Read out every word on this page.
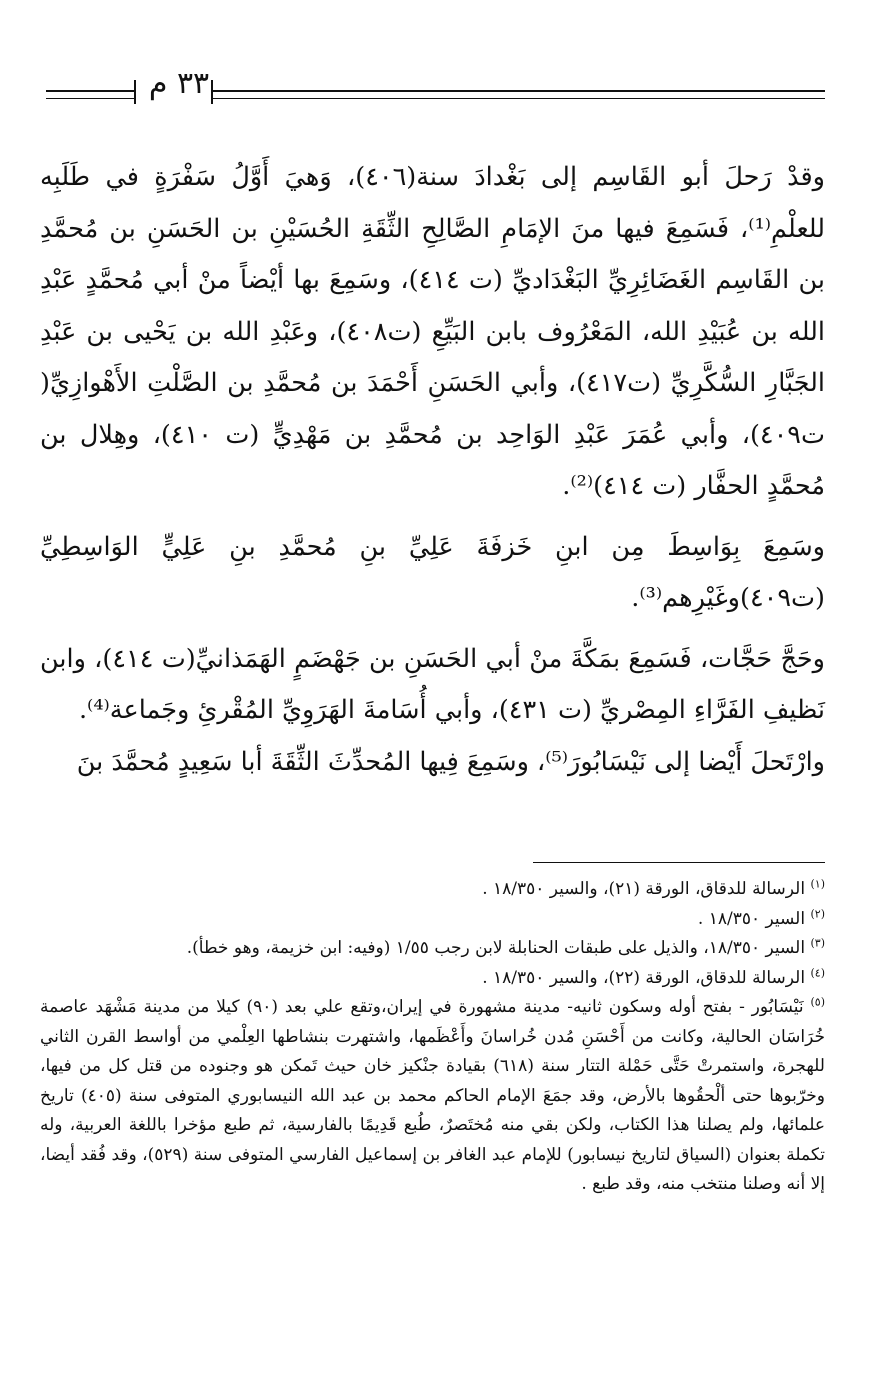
٣٣ م

وقدْ رَحلَ أبو القَاسِم إلى بَغْدادَ سنة(٤٠٦)، وَهيَ أَوَّلُ سَفْرَةٍ في طَلَبِه للعلْمِ⁽¹⁾، فَسَمِعَ فيها منَ الإمَامِ الصَّالِحِ الثِّقَةِ الحُسَيْنِ بن الحَسَنِ بن مُحمَّدِ بن القَاسِم الغَضَائِرِيِّ البَغْدَاديِّ (ت ٤١٤)، وسَمِعَ بها أيْضاً منْ أبي مُحمَّدٍ عَبْدِ الله بن عُبَيْدِ الله، المَعْرُوف بابن البَيِّعِ (ت٤٠٨)، وعَبْدِ الله بن يَحْيى بن عَبْدِ الجَبَّارِ السُّكَّرِيِّ (ت٤١٧)، وأبي الحَسَنِ أَحْمَدَ بن مُحمَّدِ بن الصَّلْتِ الأَهْوازِيِّ( ت٤٠٩)، وأبي عُمَرَ عَبْدِ الوَاحِد بن مُحمَّدِ بن مَهْدِيٍّ (ت ٤١٠)، وهِلال بن مُحمَّدٍ الحفَّار (ت ٤١٤)⁽²⁾.

وسَمِعَ بِوَاسِطَ مِن ابنِ خَزفَةَ عَلِيِّ بنِ مُحمَّدِ بنِ عَلِيٍّ الوَاسِطِيِّ (ت٤٠٩)وغَيْرِهم⁽³⁾.

وحَجَّ حَجَّات، فَسَمِعَ بمَكَّةَ منْ أبي الحَسَنِ بن جَهْضَمٍ الهَمَذانيِّ(ت ٤١٤)، وابن نَظيفِ الفَرَّاءِ المِصْريِّ (ت ٤٣١)، وأبي أُسَامةَ الهَرَوِيِّ المُقْرئِ وجَماعة⁽⁴⁾.

وارْتَحلَ أَيْضا إلى نَيْسَابُورَ⁽⁵⁾، وسَمِعَ فِيها المُحدِّثَ الثِّقَةَ أبا سَعِيدٍ مُحمَّدَ بنَ

$^{(١)}$ الرسالة للدقاق، الورقة (٢١)، والسير ١٨/٣٥٠ .

$^{(٢)}$ السير ١٨/٣٥٠ .

$^{(٣)}$ السير ١٨/٣٥٠، والذيل على طبقات الحنابلة لابن رجب ١/٥٥ (وفيه: ابن خزيمة، وهو خطأ).

$^{(٤)}$ الرسالة للدقاق، الورقة (٢٢)، والسير ١٨/٣٥٠ .

$^{(٥)}$ نَيْسَابُور - بفتح أوله وسكون ثانيه- مدينة مشهورة في إيران،وتقع علي بعد (٩٠) كيلا من مدينة مَشْهَد عاصمة خُرَاسَان الحالية، وكانت من أَحْسَنِ مُدن خُراسانَ وأَعْظَمها، واشتهرت بنشاطها العِلْمي من أواسط القرن الثاني للهجرة، واستمرتْ حَتَّى حَمْلة التتار سنة (٦١٨) بقيادة جنْكيز خان حيث تَمكن هو وجنوده من قتل كل من فيها، وخرّبوها حتى ألْحقُوها بالأرض، وقد جمَعَ الإمام الحاكم محمد بن عبد الله النيسابوري المتوفى سنة (٤٠٥) تاريخ علمائها، ولم يصلنا هذا الكتاب، ولكن بقي منه مُختَصرٌ، طُبع قَدِيمًا بالفارسية، ثم طبع مؤخرا باللغة العربية، وله تكملة بعنوان (السياق لتاريخ نيسابور) للإمام عبد الغافر بن إسماعيل الفارسي المتوفى سنة (٥٢٩)، وقد فُقد أيضا، إلا أنه وصلنا منتخب منه، وقد طبع .
